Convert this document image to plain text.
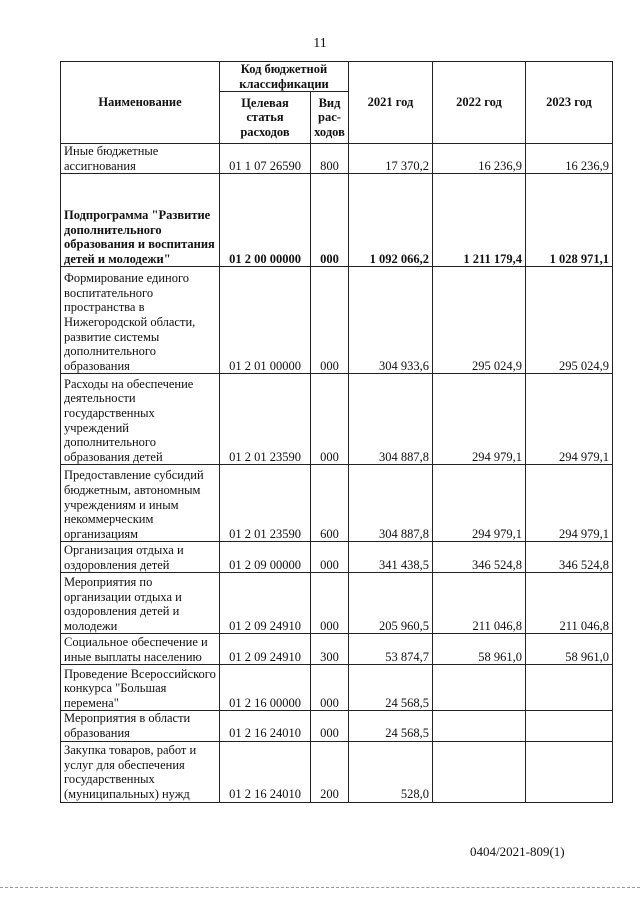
11
Наименование	Код бюджетной классификации		2021 год	2022 год	2023 год
	Целевая статья расходов	Вид рас-ходов			
Иные бюджетные ассигнования	01 1 07 26590	800	17 370,2	16 236,9	16 236,9
Подпрограмма "Развитие дополнительного образования и воспитания детей и молодежи"	01 2 00 00000	000	1 092 066,2	1 211 179,4	1 028 971,1
Формирование единого воспитательного пространства в Нижегородской области, развитие системы дополнительного образования	01 2 01 00000	000	304 933,6	295 024,9	295 024,9
Расходы на обеспечение деятельности государственных учреждений дополнительного образования детей	01 2 01 23590	000	304 887,8	294 979,1	294 979,1
Предоставление субсидий бюджетным, автономным учреждениям и иным некоммерческим организациям	01 2 01 23590	600	304 887,8	294 979,1	294 979,1
Организация отдыха и оздоровления детей	01 2 09 00000	000	341 438,5	346 524,8	346 524,8
Мероприятия по организации отдыха и оздоровления детей и молодежи	01 2 09 24910	000	205 960,5	211 046,8	211 046,8
Социальное обеспечение и иные выплаты населению	01 2 09 24910	300	53 874,7	58 961,0	58 961,0
Проведение Всероссийского конкурса "Большая перемена"	01 2 16 00000	000	24 568,5		
Мероприятия в области образования	01 2 16 24010	000	24 568,5		
Закупка товаров, работ и услуг для обеспечения государственных (муниципальных) нужд	01 2 16 24010	200	528,0		
0404/2021-809(1)
